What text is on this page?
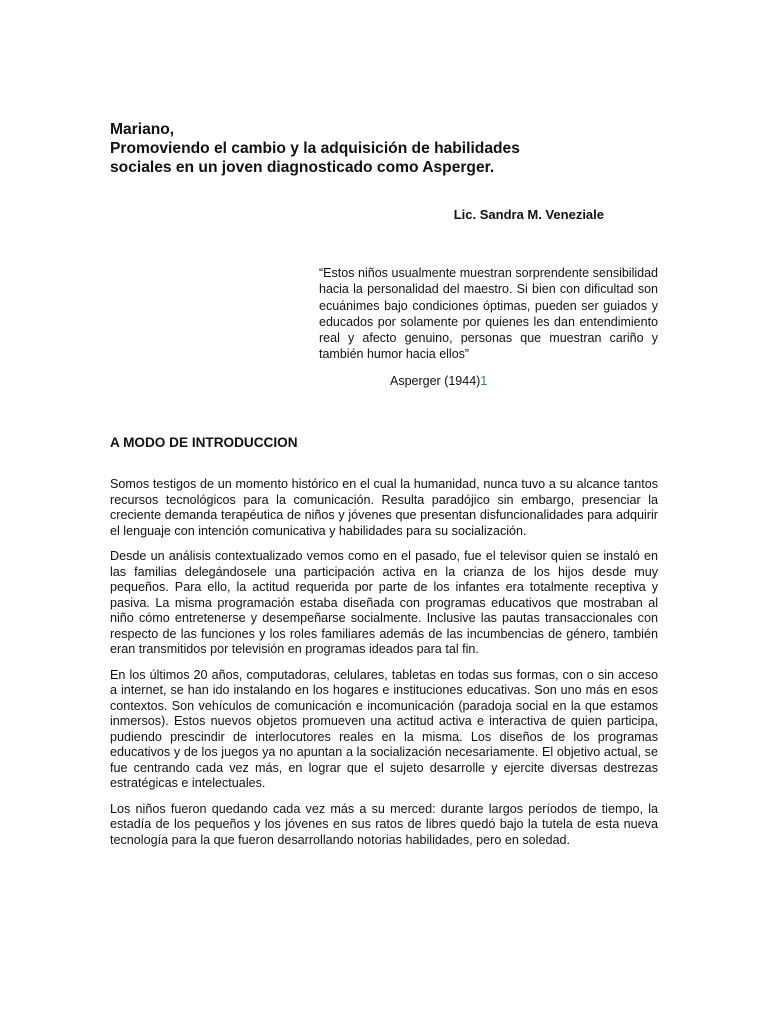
Mariano,
Promoviendo el cambio y la adquisición de habilidades
sociales en un joven diagnosticado como Asperger.
Lic. Sandra M. Veneziale
“Estos niños usualmente muestran sorprendente sensibilidad hacia la personalidad del maestro. Si bien con dificultad son ecuánimes bajo condiciones óptimas, pueden ser guiados y educados por solamente por quienes les dan entendimiento real y afecto genuino, personas que muestran cariño y también humor hacia ellos”
Asperger (1944)1
A MODO DE INTRODUCCION

Somos testigos de un momento histórico en el cual la humanidad, nunca tuvo a su alcance tantos recursos tecnológicos para la comunicación. Resulta paradójico sin embargo, presenciar la creciente demanda terapéutica de niños y jóvenes que presentan disfuncionalidades para adquirir el lenguaje con intención comunicativa y habilidades para su socialización.

Desde un análisis contextualizado vemos como en el pasado, fue el televisor quien se instaló en las familias delegándosele una participación activa en la crianza de los hijos desde muy pequeños. Para ello, la actitud requerida por parte de los infantes era totalmente receptiva y pasiva. La misma programación estaba diseñada con programas educativos que mostraban al niño cómo entretenerse y desempeñarse socialmente. Inclusive las pautas transaccionales con respecto de las funciones y los roles familiares además de las incumbencias de género, también eran transmitidos por televisión en programas ideados para tal fin.

En los últimos 20 años, computadoras, celulares, tabletas en todas sus formas, con o sin acceso a internet, se han ido instalando en los hogares e instituciones educativas. Son uno más en esos contextos. Son vehículos de comunicación e incomunicación (paradoja social en la que estamos inmersos). Estos nuevos objetos promueven una actitud activa e interactiva de quien participa, pudiendo prescindir de interlocutores reales en la misma. Los diseños de los programas educativos y de los juegos ya no apuntan a la socialización necesariamente. El objetivo actual, se fue centrando cada vez más, en lograr que el sujeto desarrolle y ejercite diversas destrezas estratégicas e intelectuales.

Los niños fueron quedando cada vez más a su merced: durante largos períodos de tiempo, la estadía de los pequeños y los jóvenes en sus ratos de libres quedó bajo la tutela de esta nueva tecnología para la que fueron desarrollando notorias habilidades, pero en soledad.
